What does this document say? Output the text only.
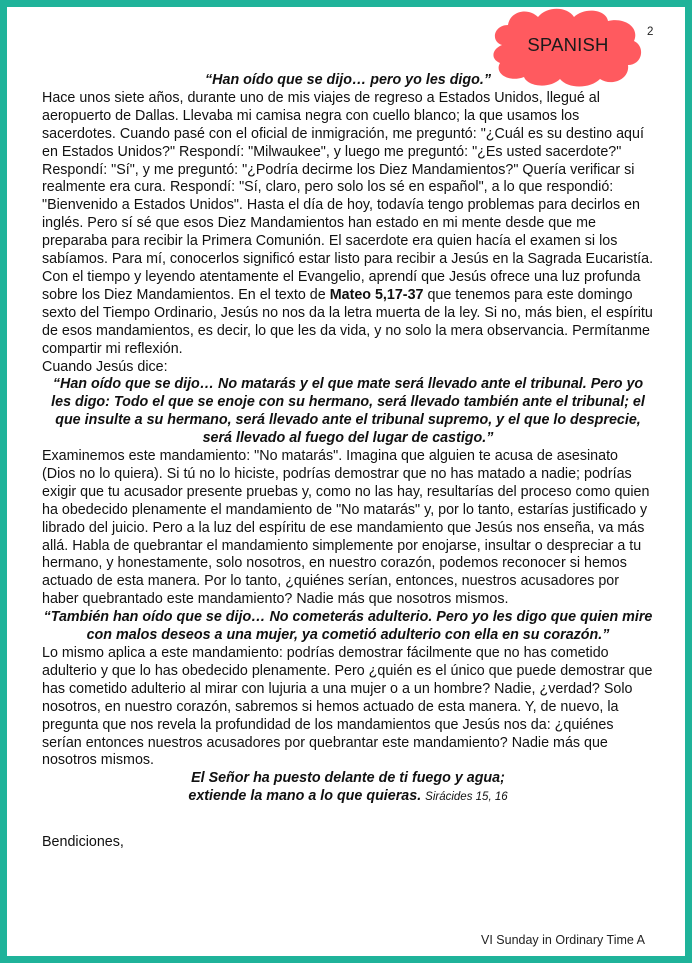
SPANISH
2

“Han oído que se dijo… pero yo les digo.”

Hace unos siete años, durante uno de mis viajes de regreso a Estados Unidos, llegué al aeropuerto de Dallas. Llevaba mi camisa negra con cuello blanco; la que usamos los sacerdotes. Cuando pasé con el oficial de inmigración, me preguntó: "¿Cuál es su destino aquí en Estados Unidos?" Respondí: "Milwaukee", y luego me preguntó: "¿Es usted sacerdote?" Respondí: "Sí", y me preguntó: "¿Podría decirme los Diez Mandamientos?" Quería verificar si realmente era cura. Respondí: "Sí, claro, pero solo los sé en español", a lo que respondió: "Bienvenido a Estados Unidos". Hasta el día de hoy, todavía tengo problemas para decirlos en inglés. Pero sí sé que esos Diez Mandamientos han estado en mi mente desde que me preparaba para recibir la Primera Comunión. El sacerdote era quien hacía el examen si los sabíamos. Para mí, conocerlos significó estar listo para recibir a Jesús en la Sagrada Eucaristía. Con el tiempo y leyendo atentamente el Evangelio, aprendí que Jesús ofrece una luz profunda sobre los Diez Mandamientos. En el texto de Mateo 5,17-37 que tenemos para este domingo sexto del Tiempo Ordinario, Jesús no nos da la letra muerta de la ley. Si no, más bien, el espíritu de esos mandamientos, es decir, lo que les da vida, y no solo la mera observancia. Permítanme compartir mi reflexión.

Cuando Jesús dice:

“Han oído que se dijo… No matarás y el que mate será llevado ante el tribunal. Pero yo les digo: Todo el que se enoje con su hermano, será llevado también ante el tribunal; el que insulte a su hermano, será llevado ante el tribunal supremo, y el que lo desprecie, será llevado al fuego del lugar de castigo.”

Examinemos este mandamiento: "No matarás". Imagina que alguien te acusa de asesinato (Dios no lo quiera). Si tú no lo hiciste, podrías demostrar que no has matado a nadie; podrías exigir que tu acusador presente pruebas y, como no las hay, resultarías del proceso como quien ha obedecido plenamente el mandamiento de "No matarás" y, por lo tanto, estarías justificado y librado del juicio. Pero a la luz del espíritu de ese mandamiento que Jesús nos enseña, va más allá. Habla de quebrantar el mandamiento simplemente por enojarse, insultar o despreciar a tu hermano, y honestamente, solo nosotros, en nuestro corazón, podemos reconocer si hemos actuado de esta manera. Por lo tanto, ¿quiénes serían, entonces, nuestros acusadores por haber quebrantado este mandamiento? Nadie más que nosotros mismos.

“También han oído que se dijo… No cometerás adulterio. Pero yo les digo que quien mire con malos deseos a una mujer, ya cometió adulterio con ella en su corazón.”

Lo mismo aplica a este mandamiento: podrías demostrar fácilmente que no has cometido adulterio y que lo has obedecido plenamente. Pero ¿quién es el único que puede demostrar que has cometido adulterio al mirar con lujuria a una mujer o a un hombre? Nadie, ¿verdad? Solo nosotros, en nuestro corazón, sabremos si hemos actuado de esta manera. Y, de nuevo, la pregunta que nos revela la profundidad de los mandamientos que Jesús nos da: ¿quiénes serían entonces nuestros acusadores por quebrantar este mandamiento? Nadie más que nosotros mismos.

El Señor ha puesto delante de ti fuego y agua;
extiende la mano a lo que quieras. Sirácides 15, 16

Bendiciones,

VI Sunday in Ordinary Time A
